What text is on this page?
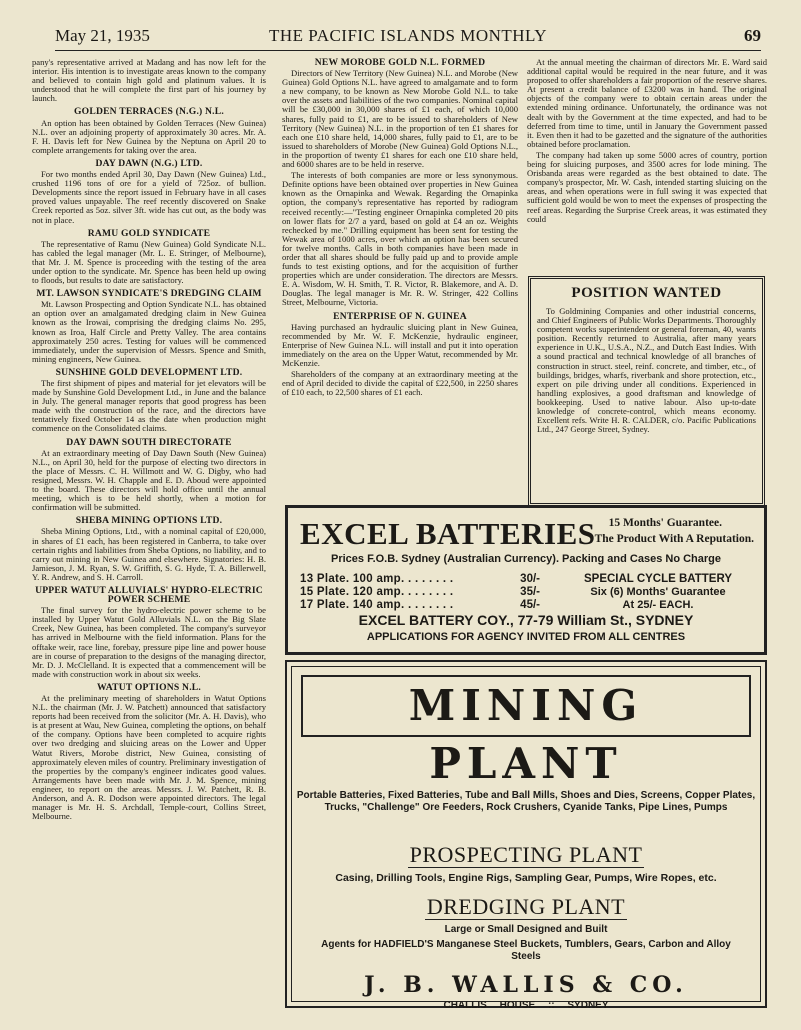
May 21, 1935	THE PACIFIC ISLANDS MONTHLY	69

pany's representative arrived at Madang and has now left for the interior. His intention is to investigate areas known to the company and believed to contain high gold and platinum values. It is understood that he will complete the first part of his journey by launch.

GOLDEN TERRACES (N.G.) N.L.

An option has been obtained by Golden Terraces (New Guinea) N.L. over an adjoining property of approximately 30 acres. Mr. A. F. H. Davis left for New Guinea by the Neptuna on April 20 to complete arrangements for taking over the area.

DAY DAWN (N.G.) LTD.

For two months ended April 30, Day Dawn (New Guinea) Ltd., crushed 1196 tons of ore for a yield of 725oz. of bullion. Developments since the report issued in February have in all cases proved values unpayable. The reef recently discovered on Snake Creek reported as 5oz. silver 3ft. wide has cut out, as the body was not in place.

RAMU GOLD SYNDICATE

The representative of Ramu (New Guinea) Gold Syndicate N.L. has cabled the legal manager (Mr. L. E. Stringer, of Melbourne), that Mr. J. M. Spence is proceeding with the testing of the area under option to the syndicate. Mr. Spence has been held up owing to floods, but results to date are satisfactory.

MT. LAWSON SYNDICATE'S DREDGING CLAIM

Mt. Lawson Prospecting and Option Syndicate N.L. has obtained an option over an amalgamated dredging claim in New Guinea known as the Irowai, comprising the dredging claims No. 295, known as Iroa, Half Circle and Pretty Valley. The area contains approximately 250 acres. Testing for values will be commenced immediately, under the supervision of Messrs. Spence and Smith, mining engineers, New Guinea.

SUNSHINE GOLD DEVELOPMENT LTD.

The first shipment of pipes and material for jet elevators will be made by Sunshine Gold Development Ltd., in June and the balance in July. The general manager reports that good progress has been made with the construction of the race, and the directors have tentatively fixed October 14 as the date when production might commence on the Consolidated claims.

DAY DAWN SOUTH DIRECTORATE

At an extraordinary meeting of Day Dawn South (New Guinea) N.L., on April 30, held for the purpose of electing two directors in the place of Messrs. C. H. Willmott and W. G. Digby, who had resigned, Messrs. W. H. Chapple and E. D. Aboud were appointed to the board. These directors will hold office until the annual meeting, which is to be held shortly, when a motion for confirmation will be submitted.

SHEBA MINING OPTIONS LTD.

Sheba Mining Options, Ltd., with a nominal capital of £20,000, in shares of £1 each, has been registered in Canberra, to take over certain rights and liabilities from Sheba Options, no liability, and to carry out mining in New Guinea and elsewhere. Signatories: H. B. Jamieson, J. M. Ryan, S. W. Griffith, S. G. Hyde, T. A. Billerwell, Y. R. Andrew, and S. H. Carroll.

UPPER WATUT ALLUVIALS' HYDRO-ELECTRIC POWER SCHEME

The final survey for the hydro-electric power scheme to be installed by Upper Watut Gold Alluvials N.L. on the Big Slate Creek, New Guinea, has been completed. The company's surveyor has arrived in Melbourne with the field information. Plans for the offtake weir, race line, forebay, pressure pipe line and power house are in course of preparation to the designs of the managing director, Mr. D. J. McClelland. It is expected that a commencement will be made with construction work in about six weeks.

WATUT OPTIONS N.L.

At the preliminary meeting of shareholders in Watut Options N.L. the chairman (Mr. J. W. Patchett) announced that satisfactory reports had been received from the solicitor (Mr. A. H. Davis), who is at present at Wau, New Guinea, completing the options, on behalf of the company. Options have been completed to acquire rights over two dredging and sluicing areas on the Lower and Upper Watut Rivers, Morobe district, New Guinea, consisting of approximately eleven miles of country. Preliminary investigation of the properties by the company's engineer indicates good values. Arrangements have been made with Mr. J. M. Spence, mining engineer, to report on the areas. Messrs. J. W. Patchett, R. B. Anderson, and A. R. Dodson were appointed directors. The legal manager is Mr. H. S. Archdall, Temple-court, Collins Street, Melbourne.

NEW MOROBE GOLD N.L. FORMED

Directors of New Territory (New Guinea) N.L. and Morobe (New Guinea) Gold Options N.L. have agreed to amalgamate and to form a new company, to be known as New Morobe Gold N.L. to take over the assets and liabilities of the two companies. Nominal capital will be £30,000 in 30,000 shares of £1 each, of which 10,000 shares, fully paid to £1, are to be issued to shareholders of New Territory (New Guinea) N.L. in the proportion of ten £1 shares for each one £10 share held, 14,000 shares, fully paid to £1, are to be issued to shareholders of Morobe (New Guinea) Gold Options N.L., in the proportion of twenty £1 shares for each one £10 share held, and 6000 shares are to be held in reserve.

The interests of both companies are more or less synonymous. Definite options have been obtained over properties in New Guinea known as the Ornapinka and Wewak. Regarding the Ornapinka option, the company's representative has reported by radiogram received recently:—"Testing engineer Ornapinka completed 20 pits on lower flats for 2/7 a yard, based on gold at £4 an oz. Weights rechecked by me." Drilling equipment has been sent for testing the Wewak area of 1000 acres, over which an option has been secured for twelve months. Calls in both companies have been made in order that all shares should be fully paid up and to provide ample funds to test existing options, and for the acquisition of further properties which are under consideration. The directors are Messrs. E. A. Wisdom, W. H. Smith, T. R. Victor, R. Blakemore, and A. D. Douglas. The legal manager is Mr. R. W. Stringer, 422 Collins Street, Melbourne, Victoria.

ENTERPRISE OF N. GUINEA

Having purchased an hydraulic sluicing plant in New Guinea, recommended by Mr. W. F. McKenzie, hydraulic engineer, Enterprise of New Guinea N.L. will install and put it into operation immediately on the area on the Upper Watut, recommended by Mr. McKenzie.

Shareholders of the company at an extraordinary meeting at the end of April decided to divide the capital of £22,500, in 2250 shares of £10 each, to 22,500 shares of £1 each.

At the annual meeting the chairman of directors Mr. E. Ward said additional capital would be required in the near future, and it was proposed to offer shareholders a fair proportion of the reserve shares. At present a credit balance of £3200 was in hand. The original objects of the company were to obtain certain areas under the extended mining ordinance. Unfortunately, the ordinance was not dealt with by the Government at the time expected, and had to be deferred from time to time, until in January the Government passed it. Even then it had to be gazetted and the signature of the authorities obtained before proclamation.

The company had taken up some 5000 acres of country, portion being for sluicing purposes, and 3500 acres for lode mining. The Orisbanda areas were regarded as the best obtained to date. The company's prospector, Mr. W. Cash, intended starting sluicing on the areas, and when operations were in full swing it was expected that sufficient gold would be won to meet the expenses of prospecting the reef areas. Regarding the Surprise Creek areas, it was estimated they could

POSITION WANTED
To Goldmining Companies and other industrial concerns, and Chief Engineers of Public Works Departments. Thoroughly competent works superintendent or general foreman, 40, wants position. Recently returned to Australia, after many years experience in U.K., U.S.A., N.Z., and Dutch East Indies. With a sound practical and technical knowledge of all branches of construction in struct. steel, reinf. concrete, and timber, etc., of buildings, bridges, wharfs, riverbank and shore protection, etc., expert on pile driving under all conditions. Experienced in handling explosives, a good draftsman and knowledge of bookkeeping. Used to native labour. Also up-to-date knowledge of concrete-control, which means economy. Excellent refs. Write H. R. CALDER, c/o. Pacific Publications Ltd., 247 George Street, Sydney.
EXCEL BATTERIES 15 Months' Guarantee.
The Product With A Reputation.
Prices F.O.B. Sydney (Australian Currency). Packing and Cases No Charge
13 Plate. 100 amp. . . . . . . .	30/-
15 Plate. 120 amp. . . . . . . .	35/-
17 Plate. 140 amp. . . . . . . .	45/-
SPECIAL CYCLE BATTERY
Six (6) Months' Guarantee
At 25/- EACH.
EXCEL BATTERY COY., 77-79 William St., SYDNEY
APPLICATIONS FOR AGENCY INVITED FROM ALL CENTRES
MINING PLANT
Portable Batteries, Fixed Batteries, Tube and Ball Mills, Shoes and Dies, Screens, Copper Plates, Trucks, "Challenge" Ore Feeders, Rock Crushers, Cyanide Tanks, Pipe Lines, Pumps
PROSPECTING PLANT
Casing, Drilling Tools, Engine Rigs, Sampling Gear, Pumps, Wire Ropes, etc.
DREDGING PLANT
Large or Small Designed and Built
Agents for HADFIELD'S Manganese Steel Buckets, Tumblers, Gears, Carbon and Alloy Steels
J. B. WALLIS & CO.
CHALLIS HOUSE :: SYDNEY
